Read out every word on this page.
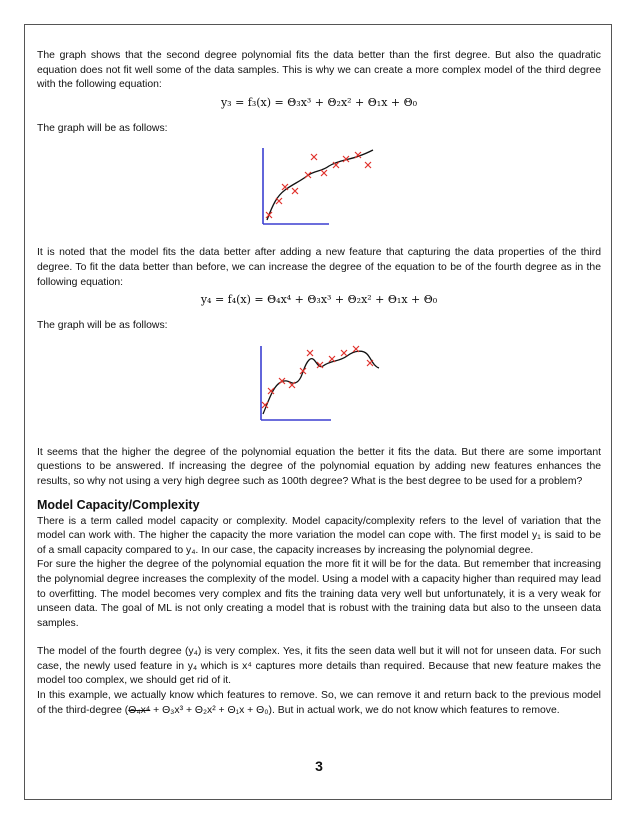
The graph shows that the second degree polynomial fits the data better than the first degree. But also the quadratic equation does not fit well some of the data samples. This is why we can create a more complex model of the third degree with the following equation:

y₃ = f₃(x) = Θ₃x³ + Θ₂x² + Θ₁x + Θ₀

The graph will be as follows:

It is noted that the model fits the data better after adding a new feature that capturing the data properties of the third degree. To fit the data better than before, we can increase the degree of the equation to be of the fourth degree as in the following equation:

y₄ = f₄(x) = Θ₄x⁴ + Θ₃x³ + Θ₂x² + Θ₁x + Θ₀

The graph will be as follows:

It seems that the higher the degree of the polynomial equation the better it fits the data. But there are some important questions to be answered. If increasing the degree of the polynomial equation by adding new features enhances the results, so why not using a very high degree such as 100th degree? What is the best degree to be used for a problem?

Model Capacity/Complexity

There is a term called model capacity or complexity. Model capacity/complexity refers to the level of variation that the model can work with. The higher the capacity the more variation the model can cope with. The first model y₁ is said to be of a small capacity compared to y₄. In our case, the capacity increases by increasing the polynomial degree.

For sure the higher the degree of the polynomial equation the more fit it will be for the data. But remember that increasing the polynomial degree increases the complexity of the model. Using a model with a capacity higher than required may lead to overfitting. The model becomes very complex and fits the training data very well but unfortunately, it is a very weak for unseen data. The goal of ML is not only creating a model that is robust with the training data but also to the unseen data samples.

The model of the fourth degree (y₄) is very complex. Yes, it fits the seen data well but it will not for unseen data. For such case, the newly used feature in y₄ which is x⁴ captures more details than required. Because that new feature makes the model too complex, we should get rid of it.

In this example, we actually know which features to remove. So, we can remove it and return back to the previous model of the third-degree (Θ₄x⁴ + Θ₃x³ + Θ₂x² + Θ₁x + Θ₀). But in actual work, we do not know which features to remove.

3
